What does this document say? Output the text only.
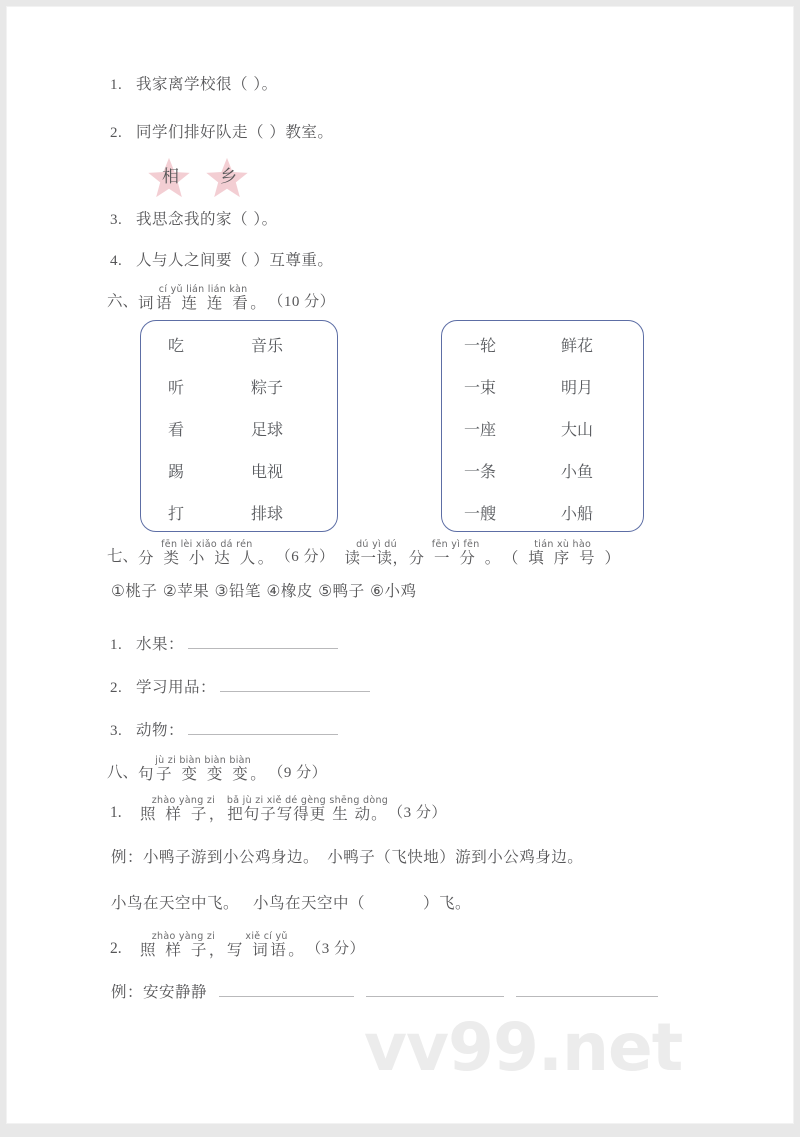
1. 我家离学校很（ ）。
2. 同学们排好队走（ ）教室。
相 乡
3. 我思念我的家（ ）。
4. 人与人之间要（ ）互尊重。
六、
cí yǔ lián lián kàn
词语 连 连 看。 （10 分）
吃
听
看
踢
打
音乐
粽子
足球
电视
排球
一轮
一束
一座
一条
一艘
鲜花
明月
大山
小鱼
小船
七、
fēn lèi xiǎo dá rén
分 类 小 达 人。 （6 分）
dú yì dú
读一读，
fēn yì fēn
分 一 分 。
tián xù hào
（ 填 序 号 ）
①桃子 ②苹果 ③铅笔 ④橡皮 ⑤鸭子 ⑥小鸡
1. 水果：
2. 学习用品：
3. 动物：
八、
jù zi biàn biàn biàn
句子 变 变 变。 （9 分）
1.
zhào yàng zi
照 样 子，
bǎ jù zi xiě dé gèng shēng dòng
把句子写得更 生 动。 （3 分）
例：小鸭子游到小公鸡身边。　小鸭子（飞快地）游到小公鸡身边。
小鸟在天空中飞。 小鸟在天空中（	）飞。
2.
zhào yàng zi
照 样 子，
xiě cí yǔ
写 词语。 （3 分）
例：安安静静
vv99.net
